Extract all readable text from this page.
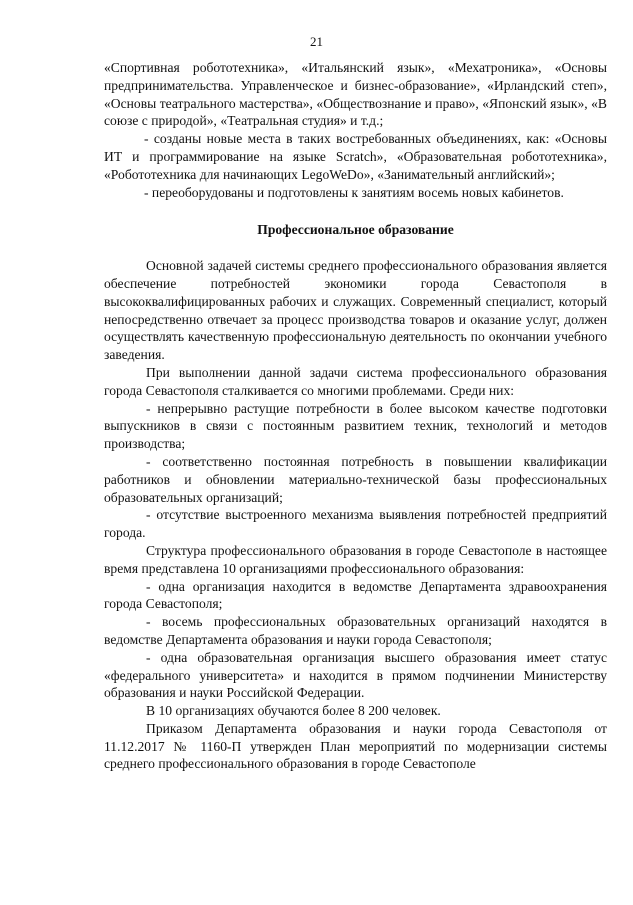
21

«Спортивная робототехника», «Итальянский язык», «Мехатроника», «Основы предпринимательства. Управленческое и бизнес-образование», «Ирландский степ», «Основы театрального мастерства», «Обществознание и право», «Японский язык», «В союзе с природой», «Театральная студия» и т.д.;

- созданы новые места в таких востребованных объединениях, как: «Основы ИТ и программирование на языке Scratch», «Образовательная робототехника», «Робототехника для начинающих LegoWeDo», «Занимательный английский»;

- переоборудованы и подготовлены к занятиям восемь новых кабинетов.

Профессиональное образование

Основной задачей системы среднего профессионального образования является обеспечение потребностей экономики города Севастополя в высококвалифицированных рабочих и служащих. Современный специалист, который непосредственно отвечает за процесс производства товаров и оказание услуг, должен осуществлять качественную профессиональную деятельность по окончании учебного заведения.

При выполнении данной задачи система профессионального образования города Севастополя сталкивается со многими проблемами. Среди них:

- непрерывно растущие потребности в более высоком качестве подготовки выпускников в связи с постоянным развитием техник, технологий и методов производства;

- соответственно постоянная потребность в повышении квалификации работников и обновлении материально-технической базы профессиональных образовательных организаций;

- отсутствие выстроенного механизма выявления потребностей предприятий города.

Структура профессионального образования в городе Севастополе в настоящее время представлена 10 организациями профессионального образования:

- одна организация находится в ведомстве Департамента здравоохранения города Севастополя;

- восемь профессиональных образовательных организаций находятся в ведомстве Департамента образования и науки города Севастополя;

- одна образовательная организация высшего образования имеет статус «федерального университета» и находится в прямом подчинении Министерству образования и науки Российской Федерации.

В 10 организациях обучаются более 8 200 человек.

Приказом Департамента образования и науки города Севастополя от 11.12.2017 № 1160-П утвержден План мероприятий по модернизации системы среднего профессионального образования в городе Севастополе
